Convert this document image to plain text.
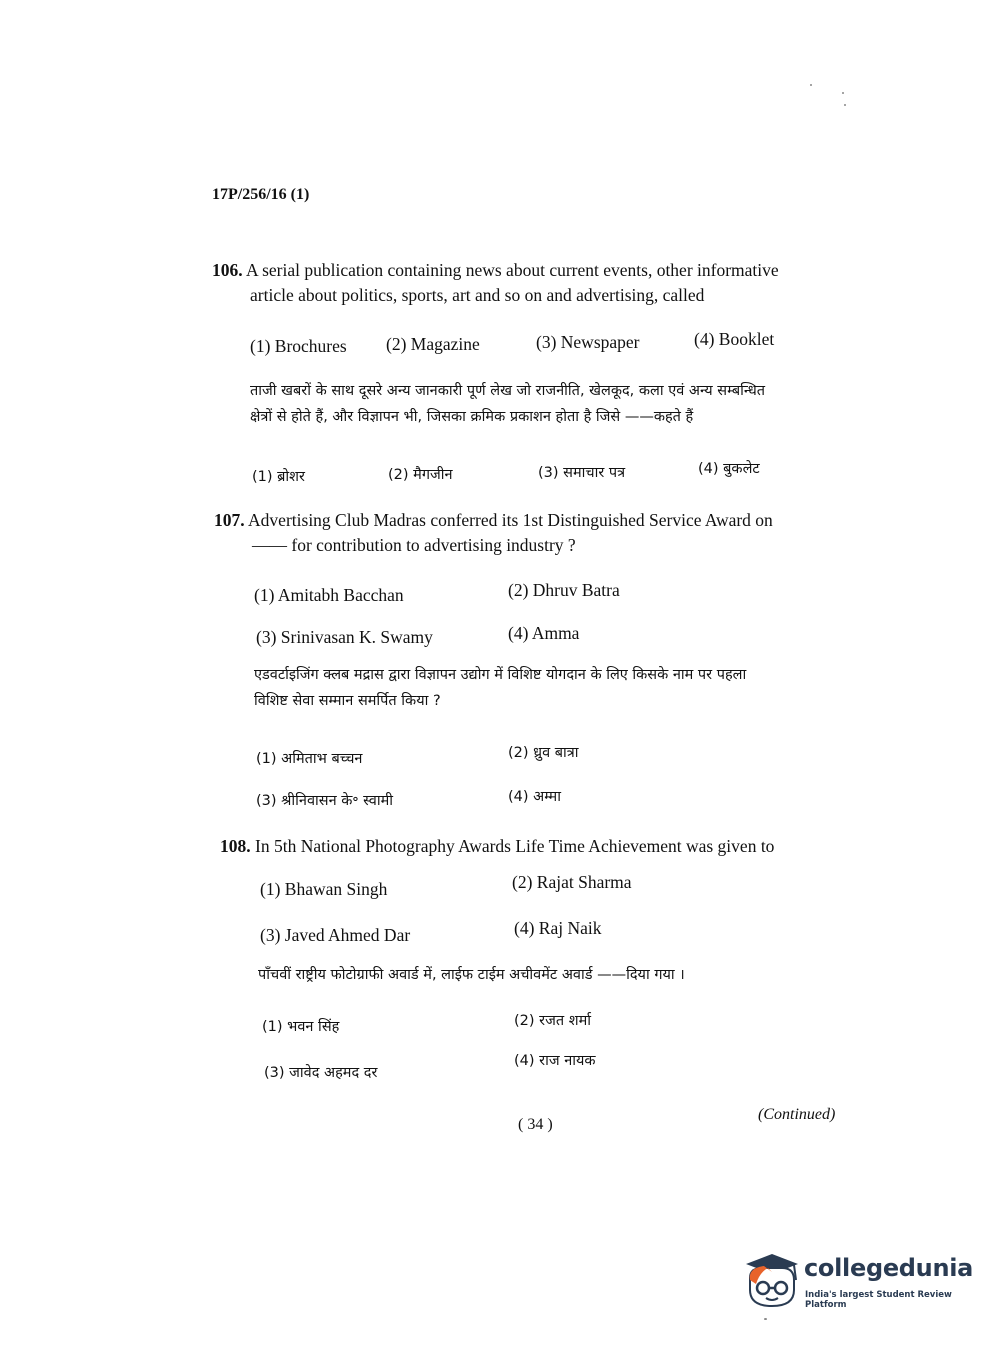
17P/256/16 (1)
106. A serial publication containing news about current events, other informative
article about politics, sports, art and so on and advertising, called
(1) Brochures (2) Magazine	(3) Newspaper	(4) Booklet
ताजी खबरों के साथ दूसरे अन्य जानकारी पूर्ण लेख जो राजनीति, खेलकूद, कला एवं अन्य सम्बन्धित
क्षेत्रों से होते हैं, और विज्ञापन भी, जिसका क्रमिक प्रकाशन होता है जिसे ——कहते हैं
(1) ब्रोशर	(2) मैगजीन	(3) समाचार पत्र	(4) बुकलेट
107. Advertising Club Madras conferred its 1st Distinguished Service Award on
—— for contribution to advertising industry ?
(1) Amitabh Bacchan	(2) Dhruv Batra
(3) Srinivasan K. Swamy	(4) Amma
एडवर्टाइजिंग क्लब मद्रास द्वारा विज्ञापन उद्योग में विशिष्ट योगदान के लिए किसके नाम पर पहला
विशिष्ट सेवा सम्मान समर्पित किया ?
(1) अमिताभ बच्चन	(2) ध्रुव बात्रा
(3) श्रीनिवासन के॰ स्वामी	(4) अम्मा
108. In 5th National Photography Awards Life Time Achievement was given to
(1) Bhawan Singh	(2) Rajat Sharma
(3) Javed Ahmed Dar	(4) Raj Naik
पाँचवीं राष्ट्रीय फोटोग्राफी अवार्ड में, लाईफ टाईम अचीवमेंट अवार्ड ——दिया गया ।
(1) भवन सिंह	(2) रजत शर्मा
(3) जावेद अहमद दर
(4) राज नायक
( 34 )
(Continued)
collegedunia
India's largest Student Review Platform
